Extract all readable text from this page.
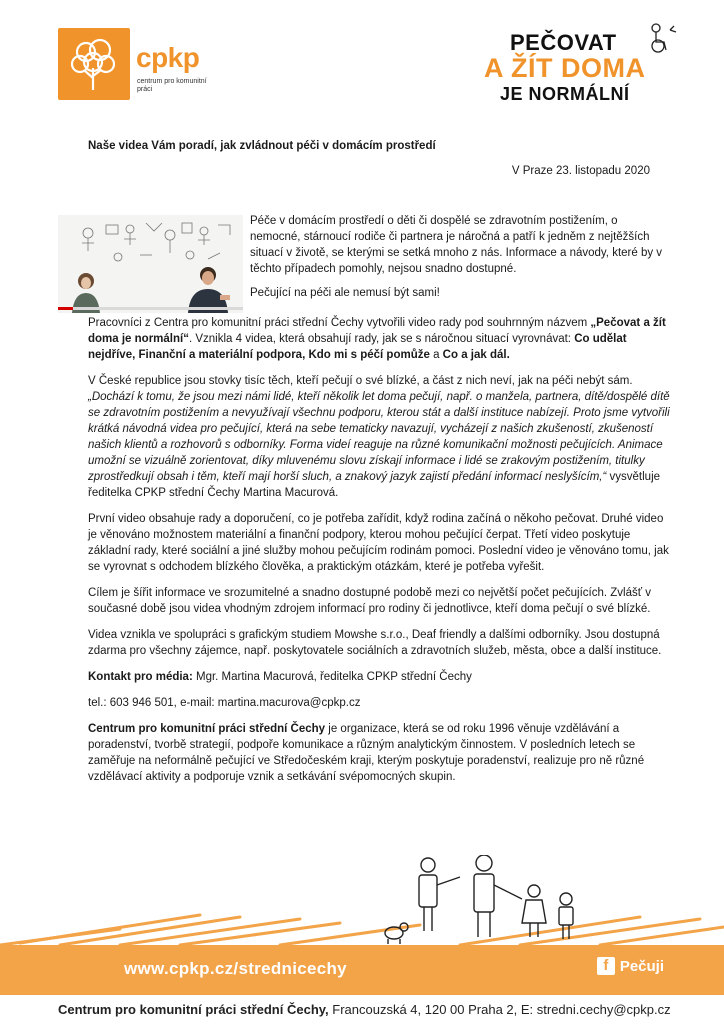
cpkp
centrum pro komunitní práci
PEČOVAT
A ŽÍT DOMA
JE NORMÁLNÍ
Naše videa Vám poradí, jak zvládnout péči v domácím prostředí
V Praze 23. listopadu 2020

Péče v domácím prostředí o děti či dospělé se zdravotním postižením, o nemocné, stárnoucí rodiče či partnera je náročná a patří k jedněm z nejtěžších situací v životě, se kterými se setká mnoho z nás. Informace a návody, které by v těchto případech pomohly, nejsou snadno dostupné.

Pečující na péči ale nemusí být sami!

Pracovníci z Centra pro komunitní práci střední Čechy vytvořili video rady pod souhrnným názvem „Pečovat a žít doma je normální“. Vznikla 4 videa, která obsahují rady, jak se s náročnou situací vyrovnávat: Co udělat nejdříve, Finanční a materiální podpora, Kdo mi s péčí pomůže a Co a jak dál.

V České republice jsou stovky tisíc těch, kteří pečují o své blízké, a část z nich neví, jak na péči nebýt sám. „Dochází k tomu, že jsou mezi námi lidé, kteří několik let doma pečují, např. o manžela, partnera, dítě/dospělé dítě se zdravotním postižením a nevyužívají všechnu podporu, kterou stát a další instituce nabízejí. Proto jsme vytvořili krátká návodná videa pro pečující, která na sebe tematicky navazují, vycházejí z našich zkušeností, zkušeností našich klientů a rozhovorů s odborníky. Forma videí reaguje na různé komunikační možnosti pečujících. Animace umožní se vizuálně zorientovat, díky mluvenému slovu získají informace i lidé se zrakovým postižením, titulky zprostředkují obsah i těm, kteří mají horší sluch, a znakový jazyk zajistí předání informací neslyšícím,“ vysvětluje ředitelka CPKP střední Čechy Martina Macurová.

První video obsahuje rady a doporučení, co je potřeba zařídit, když rodina začíná o někoho pečovat. Druhé video je věnováno možnostem materiální a finanční podpory, kterou mohou pečující čerpat. Třetí video poskytuje základní rady, které sociální a jiné služby mohou pečujícím rodinám pomoci. Poslední video je věnováno tomu, jak se vyrovnat s odchodem blízkého člověka, a praktickým otázkám, které je potřeba vyřešit.

Cílem je šířit informace ve srozumitelné a snadno dostupné podobě mezi co největší počet pečujících. Zvlášť v současné době jsou videa vhodným zdrojem informací pro rodiny či jednotlivce, kteří doma pečují o své blízké.

Videa vznikla ve spolupráci s grafickým studiem Mowshe s.r.o., Deaf friendly a dalšími odborníky. Jsou dostupná zdarma pro všechny zájemce, např. poskytovatele sociálních a zdravotních služeb, města, obce a další instituce.

Kontakt pro média: Mgr. Martina Macurová, ředitelka CPKP střední Čechy

tel.: 603 946 501, e-mail: martina.macurova@cpkp.cz

Centrum pro komunitní práci střední Čechy je organizace, která se od roku 1996 věnuje vzdělávání a poradenství, tvorbě strategií, podpoře komunikace a různým analytickým činnostem. V posledních letech se zaměřuje na neformálně pečující ve Středočeském kraji, kterým poskytuje poradenství, realizuje pro ně různé vzdělávací aktivity a podporuje vznik a setkávání svépomocných skupin.

www.cpkp.cz/strednicechy	f Pečuji
Centrum pro komunitní práci střední Čechy, Francouzská 4, 120 00 Praha 2, E: stredni.cechy@cpkp.cz
